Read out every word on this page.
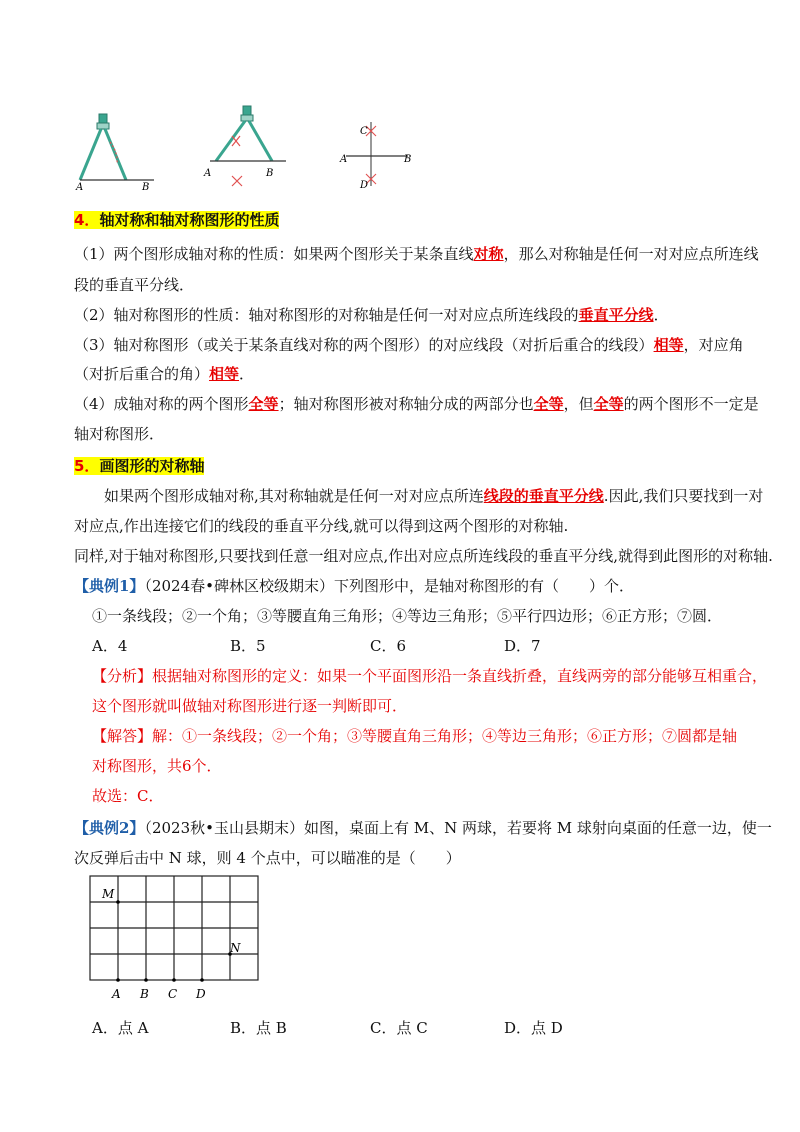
A	B
A	B
C
A	B
D
4．轴对称和轴对称图形的性质
（1）两个图形成轴对称的性质：如果两个图形关于某条直线对称，那么对称轴是任何一对对应点所连线
段的垂直平分线．
（2）轴对称图形的性质：轴对称图形的对称轴是任何一对对应点所连线段的垂直平分线．
（3）轴对称图形（或关于某条直线对称的两个图形）的对应线段（对折后重合的线段）相等，对应角
（对折后重合的角）相等．
（4）成轴对称的两个图形全等；轴对称图形被对称轴分成的两部分也全等，但全等的两个图形不一定是
轴对称图形．
5．画图形的对称轴
如果两个图形成轴对称,其对称轴就是任何一对对应点所连线段的垂直平分线.因此,我们只要找到一对
对应点,作出连接它们的线段的垂直平分线,就可以得到这两个图形的对称轴.
同样,对于轴对称图形,只要找到任意一组对应点,作出对应点所连线段的垂直平分线,就得到此图形的对称轴.
【典例1】（2024春•碑林区校级期末）下列图形中，是轴对称图形的有（　　）个．
①一条线段；②一个角；③等腰直角三角形；④等边三角形；⑤平行四边形；⑥正方形；⑦圆．
A．4	B．5	C．6	D．7
【分析】根据轴对称图形的定义：如果一个平面图形沿一条直线折叠，直线两旁的部分能够互相重合，
这个图形就叫做轴对称图形进行逐一判断即可．
【解答】解：①一条线段；②一个角；③等腰直角三角形；④等边三角形；⑥正方形；⑦圆都是轴
对称图形，共6个．
故选：C．
【典例2】（2023秋•玉山县期末）如图，桌面上有 M、N 两球，若要将 M 球射向桌面的任意一边，使一
次反弹后击中 N 球，则 4 个点中，可以瞄准的是（　　）
M
N
A B C D
A．点 A	B．点 B	C．点 C	D．点 D
